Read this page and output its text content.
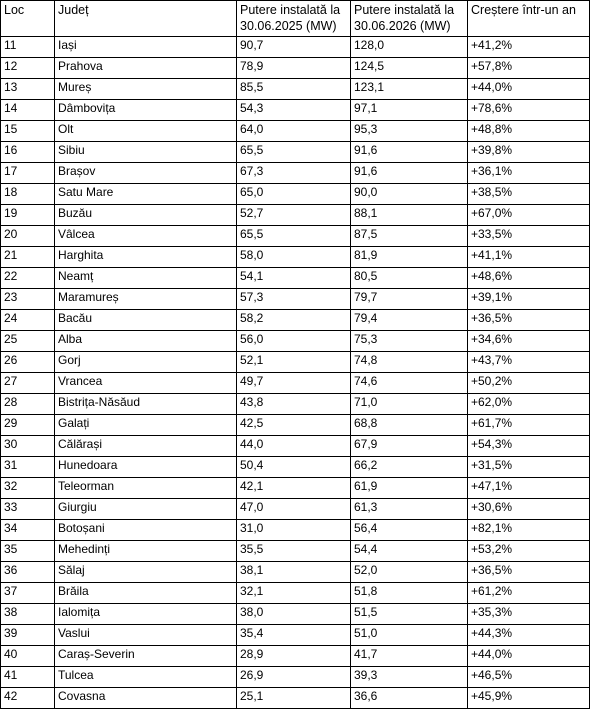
Loc	Județ	Putere instalată la 30.06.2025 (MW)	Putere instalată la 30.06.2026 (MW)	Creștere într-un an
11	Iași	90,7	128,0	+41,2%
12	Prahova	78,9	124,5	+57,8%
13	Mureș	85,5	123,1	+44,0%
14	Dâmbovița	54,3	97,1	+78,6%
15	Olt	64,0	95,3	+48,8%
16	Sibiu	65,5	91,6	+39,8%
17	Brașov	67,3	91,6	+36,1%
18	Satu Mare	65,0	90,0	+38,5%
19	Buzău	52,7	88,1	+67,0%
20	Vâlcea	65,5	87,5	+33,5%
21	Harghita	58,0	81,9	+41,1%
22	Neamț	54,1	80,5	+48,6%
23	Maramureș	57,3	79,7	+39,1%
24	Bacău	58,2	79,4	+36,5%
25	Alba	56,0	75,3	+34,6%
26	Gorj	52,1	74,8	+43,7%
27	Vrancea	49,7	74,6	+50,2%
28	Bistrița-Năsăud	43,8	71,0	+62,0%
29	Galați	42,5	68,8	+61,7%
30	Călărași	44,0	67,9	+54,3%
31	Hunedoara	50,4	66,2	+31,5%
32	Teleorman	42,1	61,9	+47,1%
33	Giurgiu	47,0	61,3	+30,6%
34	Botoșani	31,0	56,4	+82,1%
35	Mehedinți	35,5	54,4	+53,2%
36	Sălaj	38,1	52,0	+36,5%
37	Brăila	32,1	51,8	+61,2%
38	Ialomița	38,0	51,5	+35,3%
39	Vaslui	35,4	51,0	+44,3%
40	Caraș-Severin	28,9	41,7	+44,0%
41	Tulcea	26,9	39,3	+46,5%
42	Covasna	25,1	36,6	+45,9%
